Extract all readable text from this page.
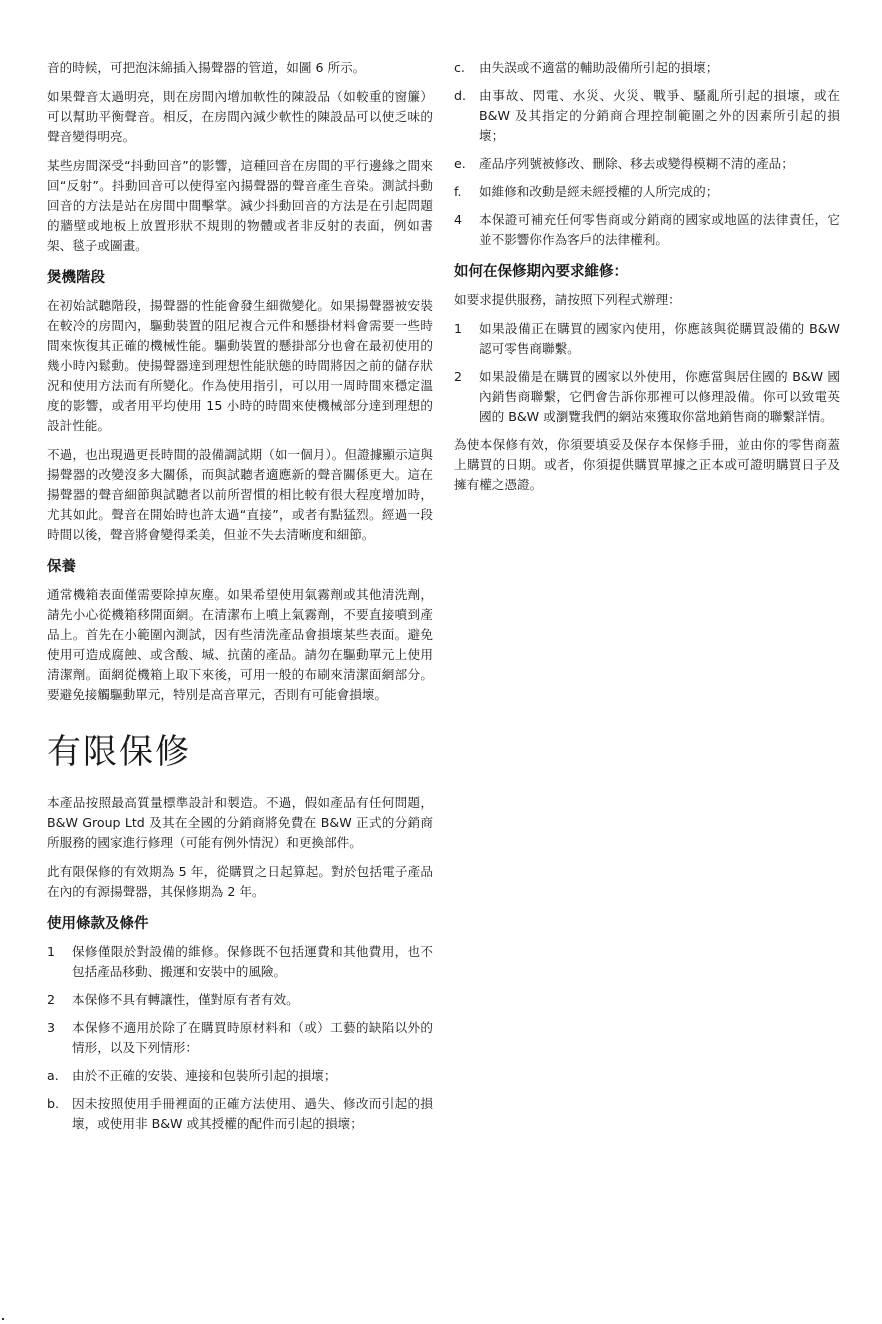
音的時候，可把泡沫綿插入揚聲器的管道，如圖 6 所示。

如果聲音太過明亮，則在房間內增加軟性的陳設品（如較重的窗簾）可以幫助平衡聲音。相反，在房間內減少軟性的陳設品可以使乏味的聲音變得明亮。

某些房間深受“抖動回音”的影響，這種回音在房間的平行邊緣之間來回“反射”。抖動回音可以使得室內揚聲器的聲音產生音染。測試抖動回音的方法是站在房間中間擊掌。減少抖動回音的方法是在引起問題的牆壁或地板上放置形狀不規則的物體或者非反射的表面，例如書架、毯子或圖畫。

煲機階段

在初始試聽階段，揚聲器的性能會發生細微變化。如果揚聲器被安裝在較冷的房間內，驅動裝置的阻尼複合元件和懸掛材料會需要一些時間來恢復其正確的機械性能。驅動裝置的懸掛部分也會在最初使用的幾小時內鬆動。使揚聲器達到理想性能狀態的時間將因之前的儲存狀況和使用方法而有所變化。作為使用指引，可以用一周時間來穩定溫度的影響，或者用平均使用 15 小時的時間來使機械部分達到理想的設計性能。

不過，也出現過更長時間的設備調試期（如一個月）。但證據顯示這與揚聲器的改變沒多大關係，而與試聽者適應新的聲音關係更大。這在揚聲器的聲音細節與試聽者以前所習慣的相比較有很大程度增加時，尤其如此。聲音在開始時也許太過“直接”，或者有點猛烈。經過一段時間以後，聲音將會變得柔美，但並不失去清晰度和細節。

保養

通常機箱表面僅需要除掉灰塵。如果希望使用氣霧劑或其他清洗劑，請先小心從機箱移開面網。在清潔布上噴上氣霧劑，不要直接噴到產品上。首先在小範圍內測試，因有些清洗產品會損壞某些表面。避免使用可造成腐蝕、或含酸、堿、抗菌的產品。請勿在驅動單元上使用清潔劑。面網從機箱上取下來後，可用一般的布刷來清潔面網部分。要避免接觸驅動單元，特別是高音單元，否則有可能會損壞。

有限保修

本產品按照最高質量標準設計和製造。不過，假如產品有任何問題， B&W Group Ltd 及其在全國的分銷商將免費在 B&W 正式的分銷商所服務的國家進行修理（可能有例外情況）和更換部件。

此有限保修的有效期為 5 年，從購買之日起算起。對於包括電子產品在內的有源揚聲器，其保修期為 2 年。

使用條款及條件
1 保修僅限於對設備的維修。保修既不包括運費和其他費用，也不包括產品移動、搬運和安裝中的風險。
2 本保修不具有轉讓性，僅對原有者有效。
3 本保修不適用於除了在購買時原材料和（或）工藝的缺陷以外的情形，以及下列情形：
a. 由於不正確的安裝、連接和包裝所引起的損壞；
b. 因未按照使用手冊裡面的正確方法使用、過失、修改而引起的損壞，或使用非 B&W 或其授權的配件而引起的損壞；
c. 由失誤或不適當的輔助設備所引起的損壞；
d. 由事故、閃電、水災、火災、戰爭、騷亂所引起的損壞，或在 B&W 及其指定的分銷商合理控制範圍之外的因素所引起的損壞；
e. 產品序列號被修改、刪除、移去或變得模糊不清的產品；
f. 如維修和改動是經未經授權的人所完成的；
4 本保證可補充任何零售商或分銷商的國家或地區的法律責任，它並不影響你作為客戶的法律權利。
如何在保修期內要求維修：

如要求提供服務，請按照下列程式辦理：

1 如果設備正在購買的國家內使用，你應該與從購買設備的 B&W 認可零售商聯繫。
2 如果設備是在購買的國家以外使用，你應當與居住國的 B&W 國內銷售商聯繫，它們會告訴你那裡可以修理設備。你可以致電英國的 B&W 或瀏覽我們的網站來獲取你當地銷售商的聯繫詳情。

為使本保修有效，你須要填妥及保存本保修手冊，並由你的零售商蓋上購買的日期。或者，你須提供購買單據之正本或可證明購買日子及擁有權之憑證。
